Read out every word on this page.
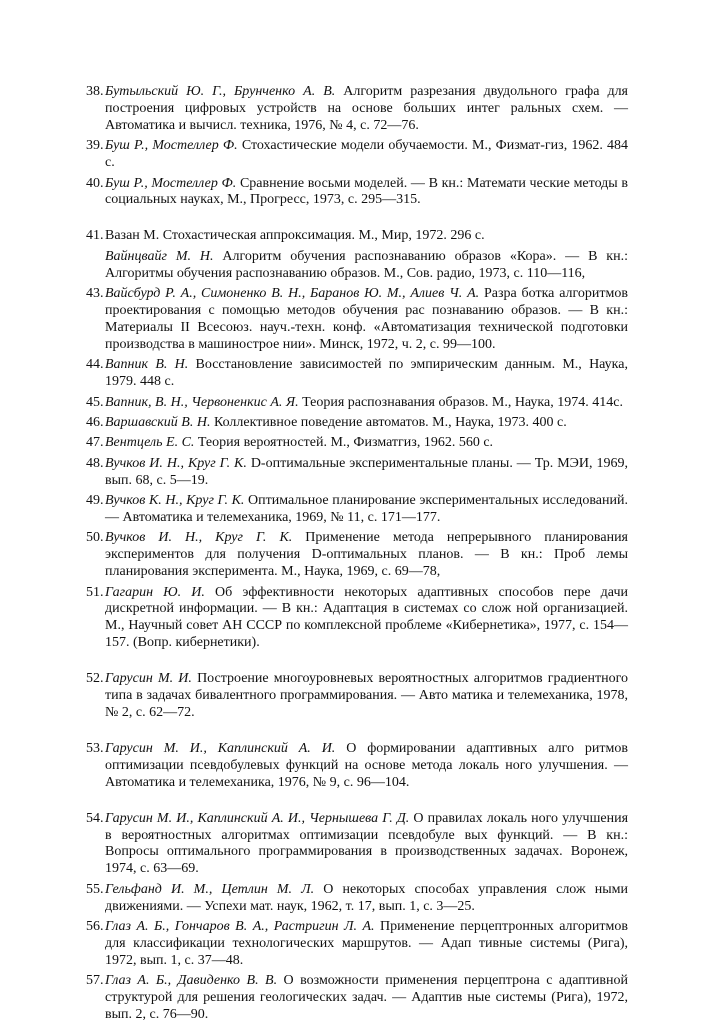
38. Бутыльский Ю. Г., Брунченко А. В. Алгоритм разрезания двудольного графа для построения цифровых устройств на основе больших интег ральных схем. — Автоматика и вычисл. техника, 1976, № 4, с. 72—76.

39. Буш Р., Мостеллер Ф. Стохастические модели обучаемости. М., Физмат-гиз, 1962. 484 с.

40. Буш Р., Мостеллер Ф. Сравнение восьми моделей. — В кн.: Математи ческие методы в социальных науках, М., Прогресс, 1973, с. 295—315.

41. Вазан М. Стохастическая аппроксимация. М., Мир, 1972. 296 с.

Вайнцвайг М. Н. Алгоритм обучения распознаванию образов «Кора». — В кн.: Алгоритмы обучения распознаванию образов. М., Сов. радио, 1973, с. 110—116,

43. Вайсбурд Р. А., Симоненко В. Н., Баранов Ю. М., Алиев Ч. А. Разра ботка алгоритмов проектирования с помощью методов обучения рас познаванию образов. — В кн.: Материалы II Всесоюз. науч.-техн. конф. «Автоматизация технической подготовки производства в машинострое нии». Минск, 1972, ч. 2, с. 99—100.

44. Вапник В. Н. Восстановление зависимостей по эмпирическим данным. М., Наука, 1979. 448 с.

45. Вапник, В. Н., Червоненкис А. Я. Теория распознавания образов. М., Наука, 1974. 414с.

46. Варшавский В. Н. Коллективное поведение автоматов. М., Наука, 1973. 400 с.

47. Вентцель Е. С. Теория вероятностей. М., Физматгиз, 1962. 560 с.

48. Вучков И. Н., Круг Г. К. D-оптимальные экспериментальные планы. — Тр. МЭИ, 1969, вып. 68, с. 5—19.

49. Вучков К. Н., Круг Г. К. Оптимальное планирование экспериментальных исследований. — Автоматика и телемеханика, 1969, № 11, с. 171—177.

50. Вучков И. Н., Круг Г. К. Применение метода непрерывного планирования экспериментов для получения D-оптимальных планов. — В кн.: Проб лемы планирования эксперимента. М., Наука, 1969, с. 69—78,

51. Гагарин Ю. И. Об эффективности некоторых адаптивных способов пере дачи дискретной информации. — В кн.: Адаптация в системах со слож ной организацией. М., Научный совет АН СССР по комплексной проблеме «Кибернетика», 1977, с. 154—157. (Вопр. кибернетики).

52. Гарусин М. И. Построение многоуровневых вероятностных алгоритмов градиентного типа в задачах бивалентного программирования. — Авто матика и телемеханика, 1978, № 2, с. 62—72.

53. Гарусин М. И., Каплинский А. И. О формировании адаптивных алго ритмов оптимизации псевдобулевых функций на основе метода локаль ного улучшения. — Автоматика и телемеханика, 1976, № 9, с. 96—104.

54. Гарусин М. И., Каплинский А. И., Чернышева Г. Д. О правилах локаль ного улучшения в вероятностных алгоритмах оптимизации псевдобуле вых функций. — В кн.: Вопросы оптимального программирования в производственных задачах. Воронеж, 1974, с. 63—69.

55. Гельфанд И. М., Цетлин М. Л. О некоторых способах управления слож ными движениями. — Успехи мат. наук, 1962, т. 17, вып. 1, с. 3—25.

56. Глаз А. Б., Гончаров В. А., Растригин Л. А. Применение перцептронных алгоритмов для классификации технологических маршрутов. — Адап тивные системы (Рига), 1972, вып. 1, с. 37—48.

57. Глаз А. Б., Давиденко В. В. О возможности применения перцептрона с адаптивной структурой для решения геологических задач. — Адаптив ные системы (Рига), 1972, вып. 2, с. 76—90.
